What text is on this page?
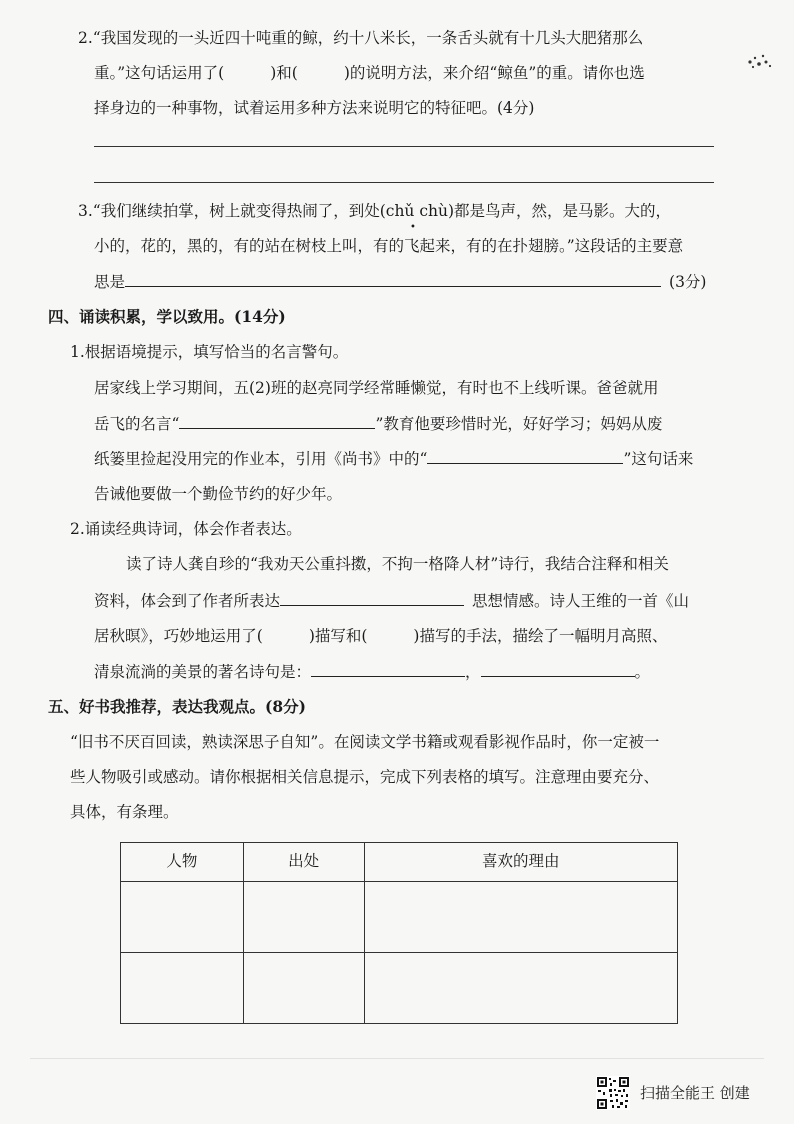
2.“我国发现的一头近四十吨重的鲸，约十八米长，一条舌头就有十几头大肥猪那么
重。”这句话运用了(	)和(	)的说明方法，来介绍“鲸鱼”的重。请你也选
择身边的一种事物，试着运用多种方法来说明它的特征吧。(4分)
3.“我们继续拍掌，树上就变得热闹了，到处(chǔ chù)都是鸟声，然，是马影。大的，
•
小的，花的，黑的，有的站在树枝上叫，有的飞起来，有的在扑翅膀。”这段话的主要意
思是	(3分)
四、诵读积累，学以致用。(14分)
1.根据语境提示，填写恰当的名言警句。
居家线上学习期间，五(2)班的赵亮同学经常睡懒觉，有时也不上线听课。爸爸就用
岳飞的名言“	”教育他要珍惜时光，好好学习；妈妈从废
纸篓里捡起没用完的作业本，引用《尚书》中的“	”这句话来
告诫他要做一个勤俭节约的好少年。
2.诵读经典诗词，体会作者表达。
读了诗人龚自珍的“我劝天公重抖擞，不拘一格降人材”诗行，我结合注释和相关
资料，体会到了作者所表达	思想情感。诗人王维的一首《山
居秋暝》，巧妙地运用了(	)描写和(	)描写的手法，描绘了一幅明月高照、
清泉流淌的美景的著名诗句是：	，	。
五、好书我推荐，表达我观点。(8分)
“旧书不厌百回读，熟读深思子自知”。在阅读文学书籍或观看影视作品时，你一定被一
些人物吸引或感动。请你根据相关信息提示，完成下列表格的填写。注意理由要充分、
具体，有条理。
人物	出处	喜欢的理由

扫描全能王 创建
